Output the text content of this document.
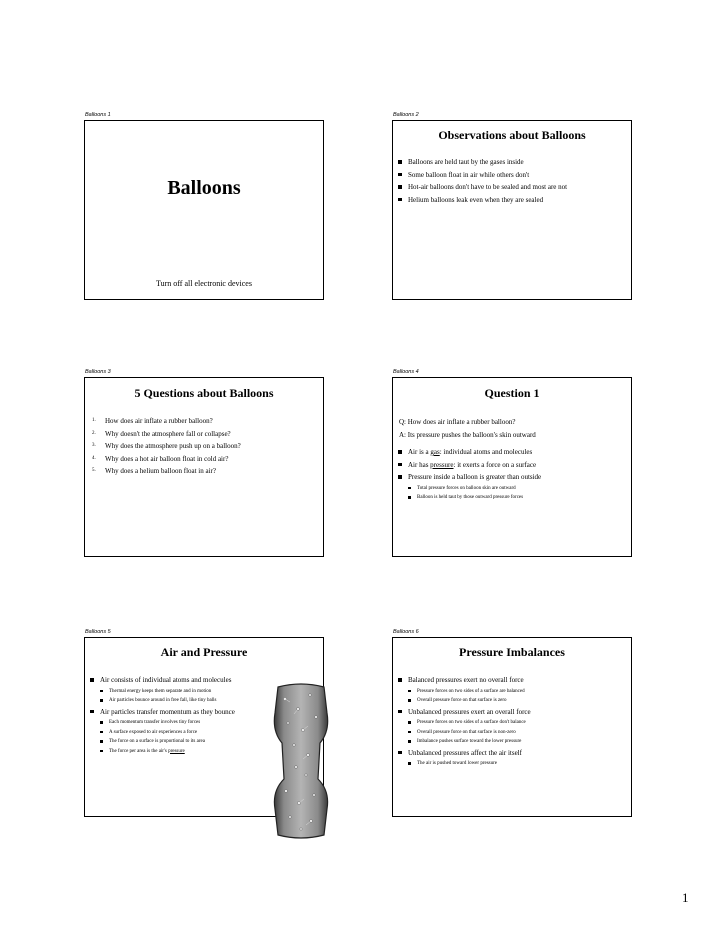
Balloons 1
Balloons
Turn off all electronic devices
Balloons 2
Observations about Balloons
Balloons are held taut by the gases inside
Some balloon float in air while others don't
Hot-air balloons don't have to be sealed and most are not
Helium balloons leak even when they are sealed
Balloons 3
5 Questions about Balloons
1. How does air inflate a rubber balloon?
2. Why doesn't the atmosphere fall or collapse?
3. Why does the atmosphere push up on a balloon?
4. Why does a hot air balloon float in cold air?
5. Why does a helium balloon float in air?
Balloons 4
Question 1
Q: How does air inflate a rubber balloon?
A: Its pressure pushes the balloon's skin outward
Air is a gas: individual atoms and molecules
Air has pressure: it exerts a force on a surface
Pressure inside a balloon is greater than outside
Total pressure forces on balloon skin are outward
Balloon is held taut by those outward pressure forces
Balloons 5
Air and Pressure
Air consists of individual atoms and molecules
Thermal energy keeps them separate and in motion
Air particles bounce around in free fall, like tiny balls
Air particles transfer momentum as they bounce
Each momentum transfer involves tiny forces
A surface exposed to air experiences a force
The force on a surface is proportional to its area
The force per area is the air's pressure
Balloons 6
Pressure Imbalances
Balanced pressures exert no overall force
Pressure forces on two sides of a surface are balanced
Overall pressure force on that surface is zero
Unbalanced pressures exert an overall force
Pressure forces on two sides of a surface don't balance
Overall pressure force on that surface is non-zero
Imbalance pushes surface toward the lower pressure
Unbalanced pressures affect the air itself
The air is pushed toward lower pressure
1
